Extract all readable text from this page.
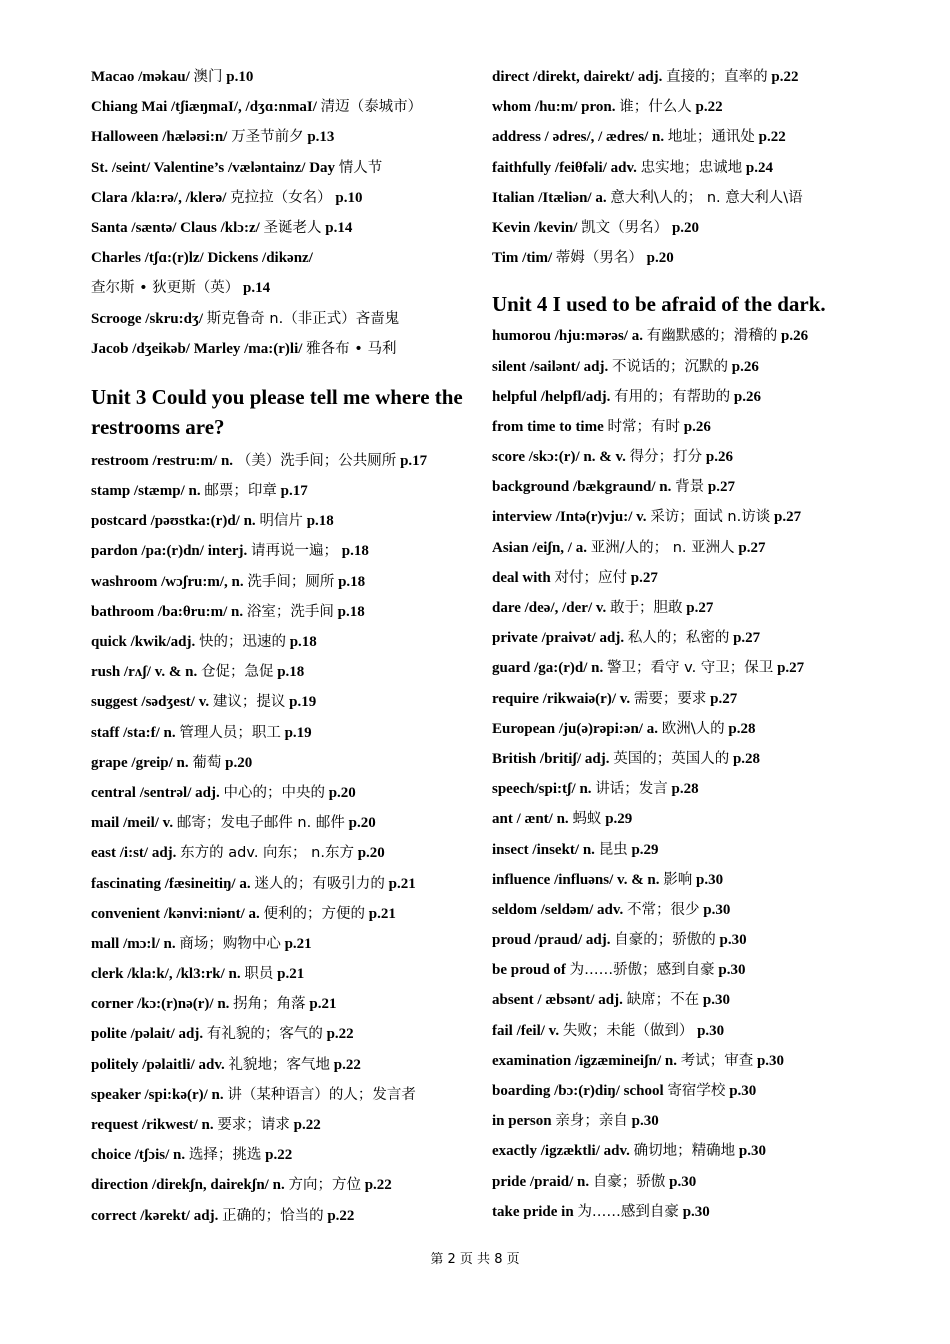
Macao /məkau/ 澳门 p.10
Chiang Mai /tʃiæŋmaI/, /dʒɑ:nmaI/ 清迈（泰城市）
Halloween /hæləʊi:n/ 万圣节前夕 p.13
St. /seint/ Valentine’s /væləntainz/ Day 情人节
Clara /kla:rə/, /klerə/ 克拉拉（女名） p.10
Santa /sæntə/ Claus /klɔ:z/ 圣诞老人 p.14
Charles /tʃɑ:(r)lz/ Dickens /dikənz/
查尔斯 • 狄更斯（英） p.14
Scrooge /skru:dʒ/ 斯克鲁奇 n.（非正式）吝啬鬼
Jacob /dʒeikəb/ Marley /ma:(r)li/ 雅各布 • 马利
Unit 3 Could you please tell me where the restrooms are?
restroom /restru:m/ n. （美）洗手间；公共厕所 p.17
stamp /stæmp/ n. 邮票；印章 p.17
postcard /pəʊstka:(r)d/ n. 明信片 p.18
pardon /pa:(r)dn/ interj. 请再说一遍； p.18
washroom /wɔʃru:m/, n. 洗手间；厕所 p.18
bathroom /ba:θru:m/ n. 浴室；洗手间 p.18
quick /kwik/adj. 快的；迅速的 p.18
rush /rʌʃ/ v. & n. 仓促；急促 p.18
suggest /sədʒest/ v. 建议；提议 p.19
staff /sta:f/ n. 管理人员；职工 p.19
grape /greip/ n. 葡萄 p.20
central /sentrəl/ adj. 中心的；中央的 p.20
mail /meil/ v. 邮寄；发电子邮件 n. 邮件 p.20
east /i:st/ adj. 东方的 adv. 向东； n.东方 p.20
fascinating /fæsineitiŋ/ a. 迷人的；有吸引力的 p.21
convenient /kənvi:niənt/ a. 便利的；方便的 p.21
mall /mɔ:l/ n. 商场；购物中心 p.21
clerk /kla:k/, /kl3:rk/ n. 职员 p.21
corner /kɔ:(r)nə(r)/ n. 拐角；角落 p.21
polite /pəlait/ adj. 有礼貌的；客气的 p.22
politely /pəlaitli/ adv. 礼貌地；客气地 p.22
speaker /spi:kə(r)/ n. 讲（某种语言）的人；发言者
request /rikwest/ n. 要求；请求 p.22
choice /tʃɔis/ n. 选择；挑选 p.22
direction /direkʃn, dairekʃn/ n. 方向；方位 p.22
correct /kərekt/ adj. 正确的；恰当的 p.22
direct /direkt, dairekt/ adj. 直接的；直率的 p.22
whom /hu:m/ pron. 谁；什么人 p.22
address / ədres/, / ædres/ n. 地址；通讯处 p.22
faithfully /feiθfəli/ adv. 忠实地；忠诚地 p.24
Italian /Itæliən/ a. 意大利\人的； n. 意大利人\语
Kevin /kevin/ 凯文（男名） p.20
Tim /tim/ 蒂姆（男名） p.20
Unit 4 I used to be afraid of the dark.
humorou /hju:mərəs/ a. 有幽默感的；滑稽的 p.26
silent /sailənt/ adj. 不说话的；沉默的 p.26
helpful /helpfl/adj. 有用的；有帮助的 p.26
from time to time 时常；有时 p.26
score /skɔ:(r)/ n. & v. 得分；打分 p.26
background /bækgraund/ n. 背景 p.27
interview /Intə(r)vju:/ v. 采访；面试 n.访谈 p.27
Asian /eiʃn, / a. 亚洲/人的； n. 亚洲人 p.27
deal with 对付；应付 p.27
dare /deə/, /der/ v. 敢于；胆敢 p.27
private /praivət/ adj. 私人的；私密的 p.27
guard /ga:(r)d/ n. 警卫；看守 v. 守卫；保卫 p.27
require /rikwaiə(r)/ v. 需要；要求 p.27
European /ju(ə)rəpi:ən/ a. 欧洲\人的 p.28
British /britiʃ/ adj. 英国的；英国人的 p.28
speech/spi:tʃ/ n. 讲话；发言 p.28
ant / ænt/ n. 蚂蚁 p.29
insect /insekt/ n. 昆虫 p.29
influence /influəns/ v. & n. 影响 p.30
seldom /seldəm/ adv. 不常；很少 p.30
proud /praud/ adj. 自豪的；骄傲的 p.30
be proud of 为……骄傲；感到自豪 p.30
absent / æbsənt/ adj. 缺席；不在 p.30
fail /feil/ v. 失败；未能（做到） p.30
examination /igzæmineiʃn/ n. 考试；审查 p.30
boarding /bɔ:(r)diŋ/ school 寄宿学校 p.30
in person 亲身；亲自 p.30
exactly /igzæktli/ adv. 确切地；精确地 p.30
pride /praid/ n. 自豪；骄傲 p.30
take pride in 为……感到自豪 p.30
第 2 页 共 8 页
